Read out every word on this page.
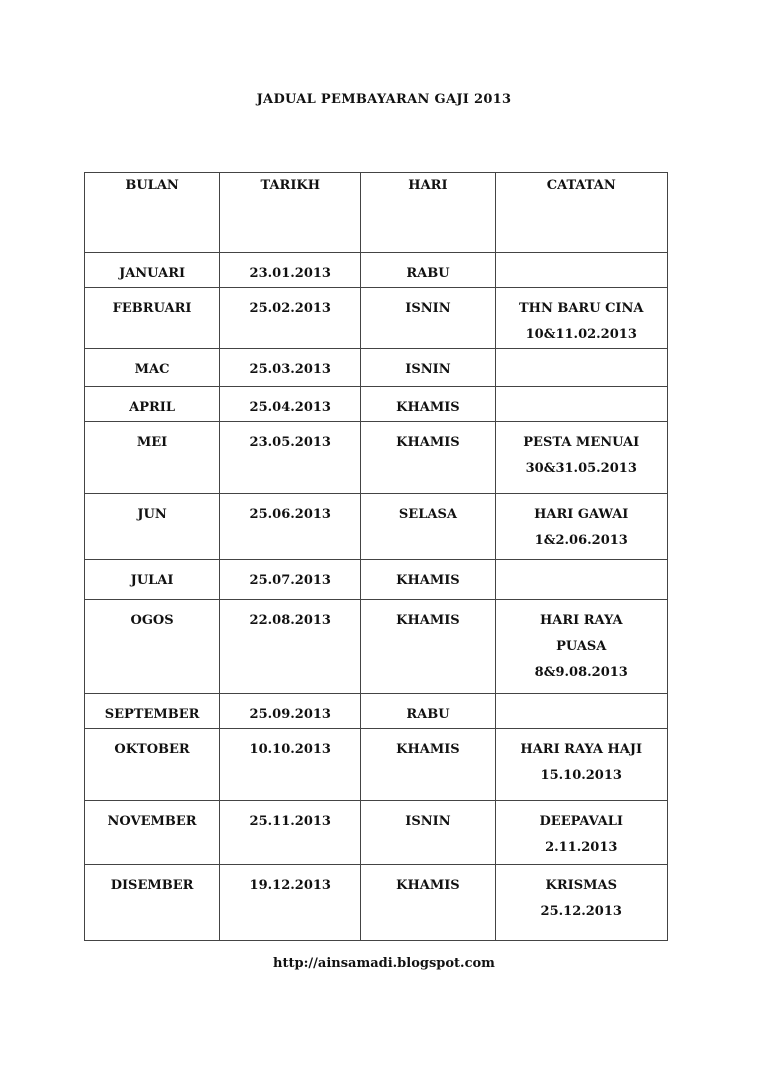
JADUAL PEMBAYARAN GAJI 2013
BULAN	TARIKH	HARI	CATATAN
JANUARI	23.01.2013	RABU	
FEBRUARI	25.02.2013	ISNIN	THN BARU CINA
10&11.02.2013

MAC	25.03.2013	ISNIN	
APRIL	25.04.2013	KHAMIS	
MEI	23.05.2013	KHAMIS	PESTA MENUAI
30&31.05.2013

JUN	25.06.2013	SELASA	HARI GAWAI
1&2.06.2013

JULAI	25.07.2013	KHAMIS	
OGOS	22.08.2013	KHAMIS	HARI RAYA
PUASA
8&9.08.2013

SEPTEMBER	25.09.2013	RABU	
OKTOBER	10.10.2013	KHAMIS	HARI RAYA HAJI
15.10.2013

NOVEMBER	25.11.2013	ISNIN	DEEPAVALI
2.11.2013

DISEMBER	19.12.2013	KHAMIS	KRISMAS
25.12.2013
http://ainsamadi.blogspot.com
